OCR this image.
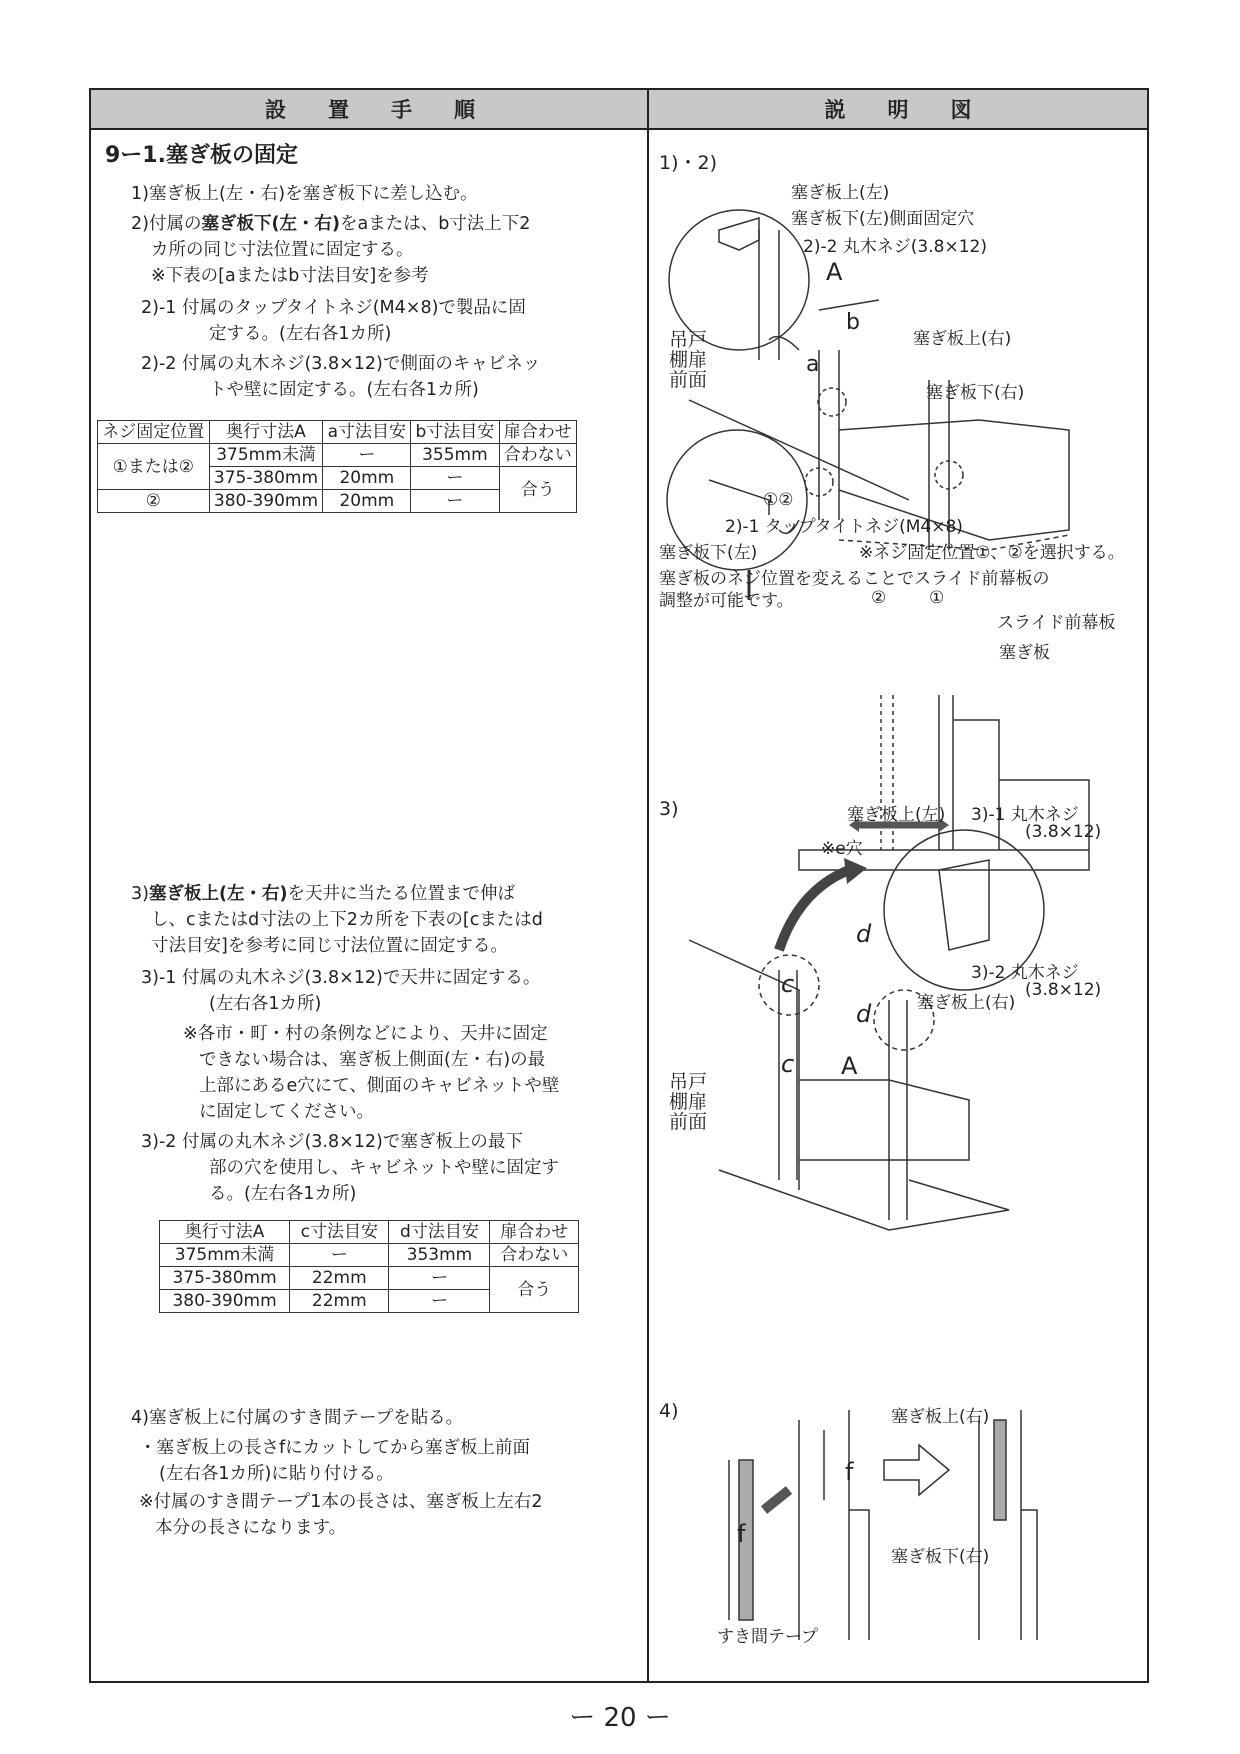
設置手順	説明図
9ー1.塞ぎ板の固定
1)塞ぎ板上(左・右)を塞ぎ板下に差し込む。
2)付属の塞ぎ板下(左・右)をaまたは、b寸法上下2
カ所の同じ寸法位置に固定する。
※下表の[aまたはb寸法目安]を参考
2)-1 付属のタップタイトネジ(M4×8)で製品に固
定する。(左右各1カ所)
2)-2 付属の丸木ネジ(3.8×12)で側面のキャビネッ
トや壁に固定する。(左右各1カ所)
ネジ固定位置	奥行寸法A	a寸法目安	b寸法目安	扉合わせ
①または②	375mm未満	ー	355mm	合わない
	375-380mm	20mm	ー	合う
②	380-390mm	20mm	ー	
3)塞ぎ板上(左・右)を天井に当たる位置まで伸ば
し、cまたはd寸法の上下2カ所を下表の[cまたはd
寸法目安]を参考に同じ寸法位置に固定する。
3)-1 付属の丸木ネジ(3.8×12)で天井に固定する。
(左右各1カ所)
※各市・町・村の条例などにより、天井に固定
できない場合は、塞ぎ板上側面(左・右)の最
上部にあるe穴にて、側面のキャビネットや壁
に固定してください。
3)-2 付属の丸木ネジ(3.8×12)で塞ぎ板上の最下
部の穴を使用し、キャビネットや壁に固定す
る。(左右各1カ所)
奥行寸法A	c寸法目安	d寸法目安	扉合わせ
375mm未満	ー	353mm	合わない
375-380mm	22mm	ー	合う
380-390mm	22mm	ー	
4)塞ぎ板上に付属のすき間テープを貼る。
・塞ぎ板上の長さfにカットしてから塞ぎ板上前面
(左右各1カ所)に貼り付ける。
※付属のすき間テープ1本の長さは、塞ぎ板上左右2
本分の長さになります。
1)・2)
塞ぎ板上(左)
塞ぎ板下(左)側面固定穴
2)-2 丸木ネジ(3.8×12)
A
b
a
塞ぎ板上(右)
塞ぎ板下(右)
吊戸棚扉前面
①②
2)-1 タップタイトネジ(M4×8)
塞ぎ板下(左)	※ネジ固定位置①、②を選択する。
塞ぎ板のネジ位置を変えることでスライド前幕板の
調整が可能です。	②	①
スライド前幕板
塞ぎ板
3)	塞ぎ板上(左) 3)-1 丸木ネジ
(3.8×12)
※e穴
3)-2 丸木ネジ
(3.8×12)
塞ぎ板上(右)
d
c
d
c A
吊戸棚扉前面
4)	塞ぎ板上(右)
塞ぎ板下(右)
すき間テープ
f
f
ー 20 ー
